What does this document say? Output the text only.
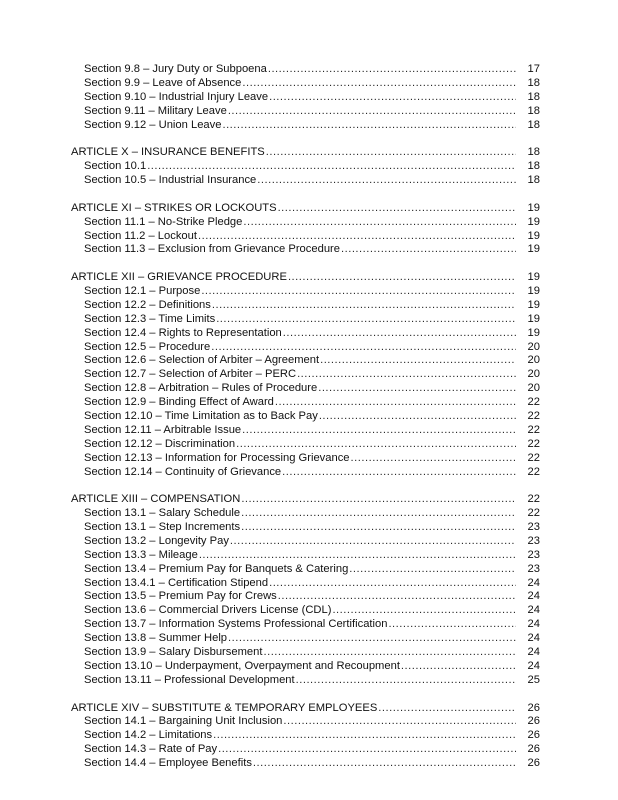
Section 9.8 – Jury Duty or Subpoena .....	17
Section 9.9 – Leave of Absence .....	18
Section 9.10 – Industrial Injury Leave .....	18
Section 9.11 – Military Leave .....	18
Section 9.12 – Union Leave .....	18
ARTICLE X – INSURANCE BENEFITS .....	18
Section 10.1 .....	18
Section 10.5 – Industrial Insurance .....	18
ARTICLE XI – STRIKES OR LOCKOUTS .....	19
Section 11.1 – No-Strike Pledge .....	19
Section 11.2 – Lockout .....	19
Section 11.3 – Exclusion from Grievance Procedure .....	19
ARTICLE XII – GRIEVANCE PROCEDURE .....	19
Section 12.1 – Purpose .....	19
Section 12.2 – Definitions .....	19
Section 12.3 – Time Limits .....	19
Section 12.4 – Rights to Representation .....	19
Section 12.5 – Procedure .....	20
Section 12.6 – Selection of Arbiter – Agreement .....	20
Section 12.7 – Selection of Arbiter – PERC .....	20
Section 12.8 – Arbitration – Rules of Procedure .....	20
Section 12.9 – Binding Effect of Award .....	22
Section 12.10 – Time Limitation as to Back Pay .....	22
Section 12.11 – Arbitrable Issue .....	22
Section 12.12 – Discrimination .....	22
Section 12.13 – Information for Processing Grievance .....	22
Section 12.14 – Continuity of Grievance .....	22
ARTICLE XIII – COMPENSATION .....	22
Section 13.1 – Salary Schedule .....	22
Section 13.1 – Step Increments .....	23
Section 13.2 – Longevity Pay .....	23
Section 13.3 – Mileage .....	23
Section 13.4 – Premium Pay for Banquets & Catering .....	23
Section 13.4.1 – Certification Stipend .....	24
Section 13.5 – Premium Pay for Crews .....	24
Section 13.6 – Commercial Drivers License (CDL) .....	24
Section 13.7 – Information Systems Professional Certification .....	24
Section 13.8 – Summer Help .....	24
Section 13.9 – Salary Disbursement .....	24
Section 13.10 – Underpayment, Overpayment and Recoupment .....	24
Section 13.11 – Professional Development .....	25
ARTICLE XIV – SUBSTITUTE & TEMPORARY EMPLOYEES .....	26
Section 14.1 – Bargaining Unit Inclusion .....	26
Section 14.2 – Limitations .....	26
Section 14.3 – Rate of Pay .....	26
Section 14.4 – Employee Benefits .....	26
